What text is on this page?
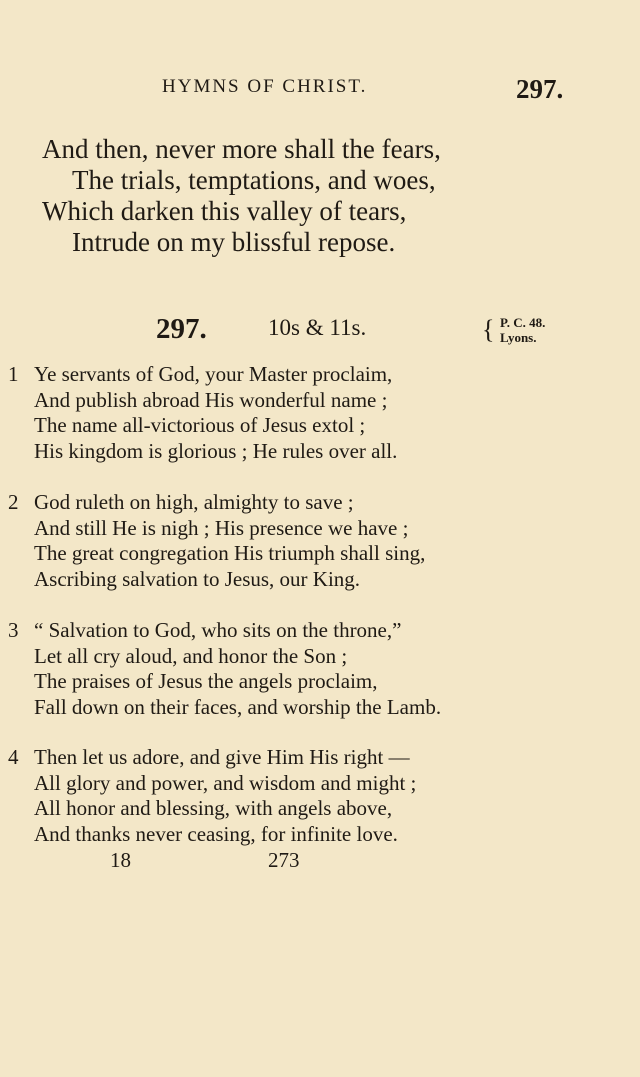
HYMNS OF CHRIST.	297.
And then, never more shall the fears,
The trials, temptations, and woes,
Which darken this valley of tears,
Intrude on my blissful repose.
297.	10s & 11s.	{ P. C. 48.
Lyons.
1 Ye servants of God, your Master proclaim,
And publish abroad His wonderful name ;
The name all-victorious of Jesus extol ;
His kingdom is glorious ; He rules over all.
2 God ruleth on high, almighty to save ;
And still He is nigh ; His presence we have ;
The great congregation His triumph shall sing,
Ascribing salvation to Jesus, our King.
3 “ Salvation to God, who sits on the throne,”
Let all cry aloud, and honor the Son ;
The praises of Jesus the angels proclaim,
Fall down on their faces, and worship the Lamb.
4 Then let us adore, and give Him His right —
All glory and power, and wisdom and might ;
All honor and blessing, with angels above,
And thanks never ceasing, for infinite love.
18	273
